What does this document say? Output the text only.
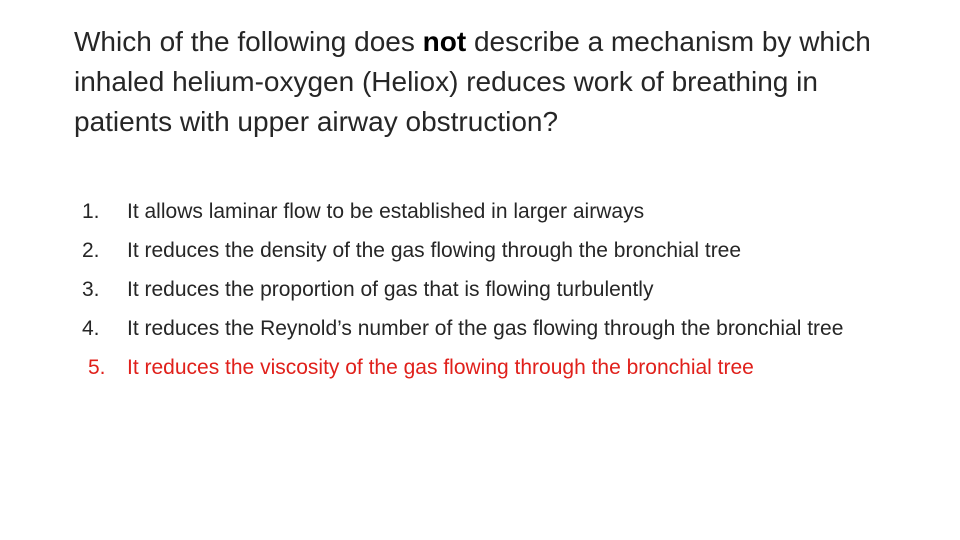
Which of the following does not describe a mechanism by which inhaled helium-oxygen (Heliox) reduces work of breathing in patients with upper airway obstruction?

1.	It allows laminar flow to be established in larger airways
2.	It reduces the density of the gas flowing through the bronchial tree
3.	It reduces the proportion of gas that is flowing turbulently
4.	It reduces the Reynold’s number of the gas flowing through the bronchial tree
5.	It reduces the viscosity of the gas flowing through the bronchial tree
